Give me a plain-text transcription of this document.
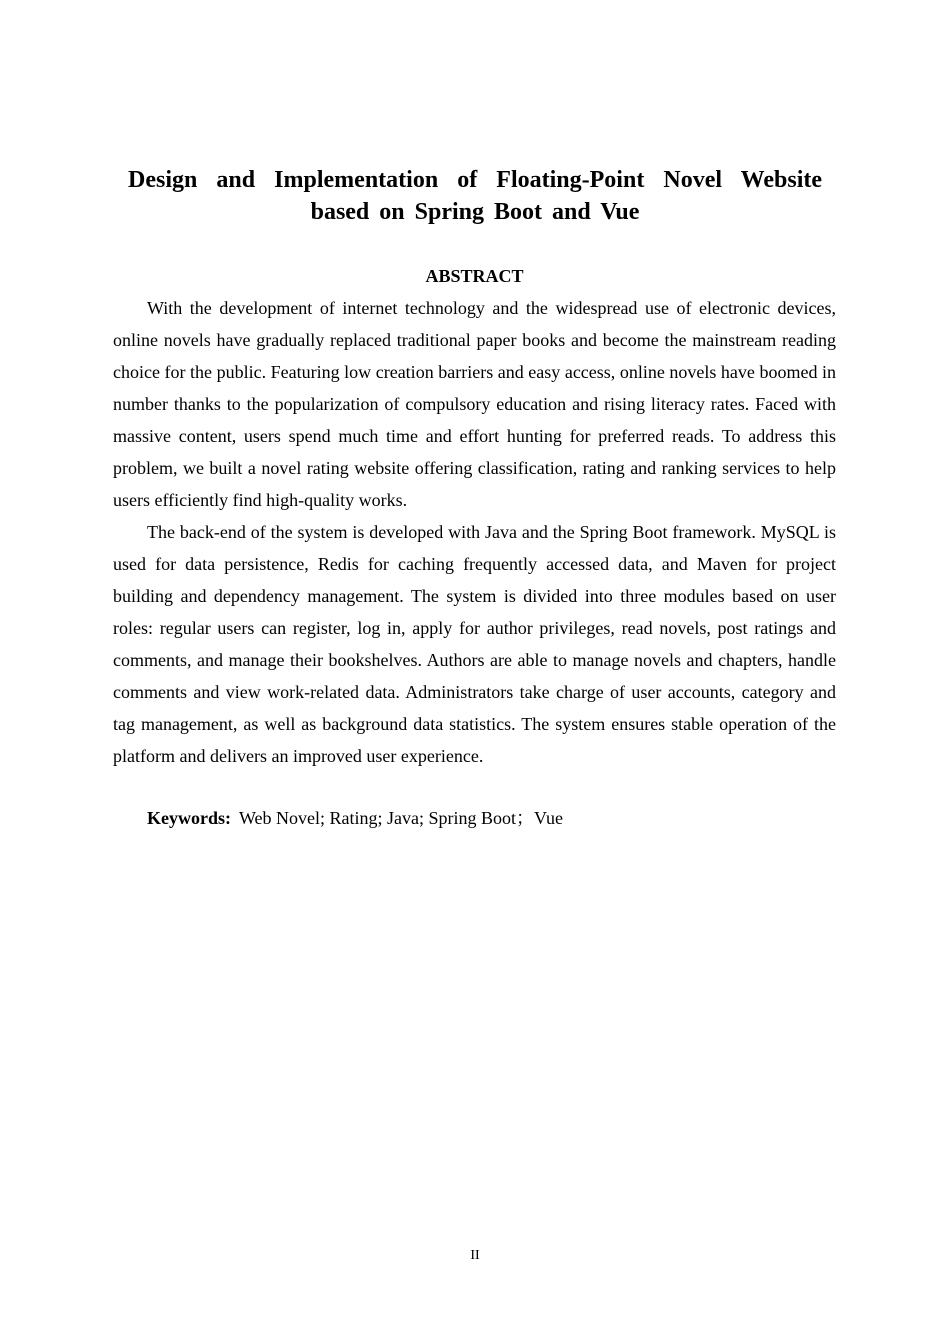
Design and Implementation of Floating-Point Novel Website
based on Spring Boot and Vue
ABSTRACT

With the development of internet technology and the widespread use of electronic devices, online novels have gradually replaced traditional paper books and become the mainstream reading choice for the public. Featuring low creation barriers and easy access, online novels have boomed in number thanks to the popularization of compulsory education and rising literacy rates. Faced with massive content, users spend much time and effort hunting for preferred reads. To address this problem, we built a novel rating website offering classification, rating and ranking services to help users efficiently find high-quality works.

The back-end of the system is developed with Java and the Spring Boot framework. MySQL is used for data persistence, Redis for caching frequently accessed data, and Maven for project building and dependency management. The system is divided into three modules based on user roles: regular users can register, log in, apply for author privileges, read novels, post ratings and comments, and manage their bookshelves. Authors are able to manage novels and chapters, handle comments and view work-related data. Administrators take charge of user accounts, category and tag management, as well as background data statistics. The system ensures stable operation of the platform and delivers an improved user experience.

Keywords: Web Novel; Rating; Java; Spring Boot；Vue

II
